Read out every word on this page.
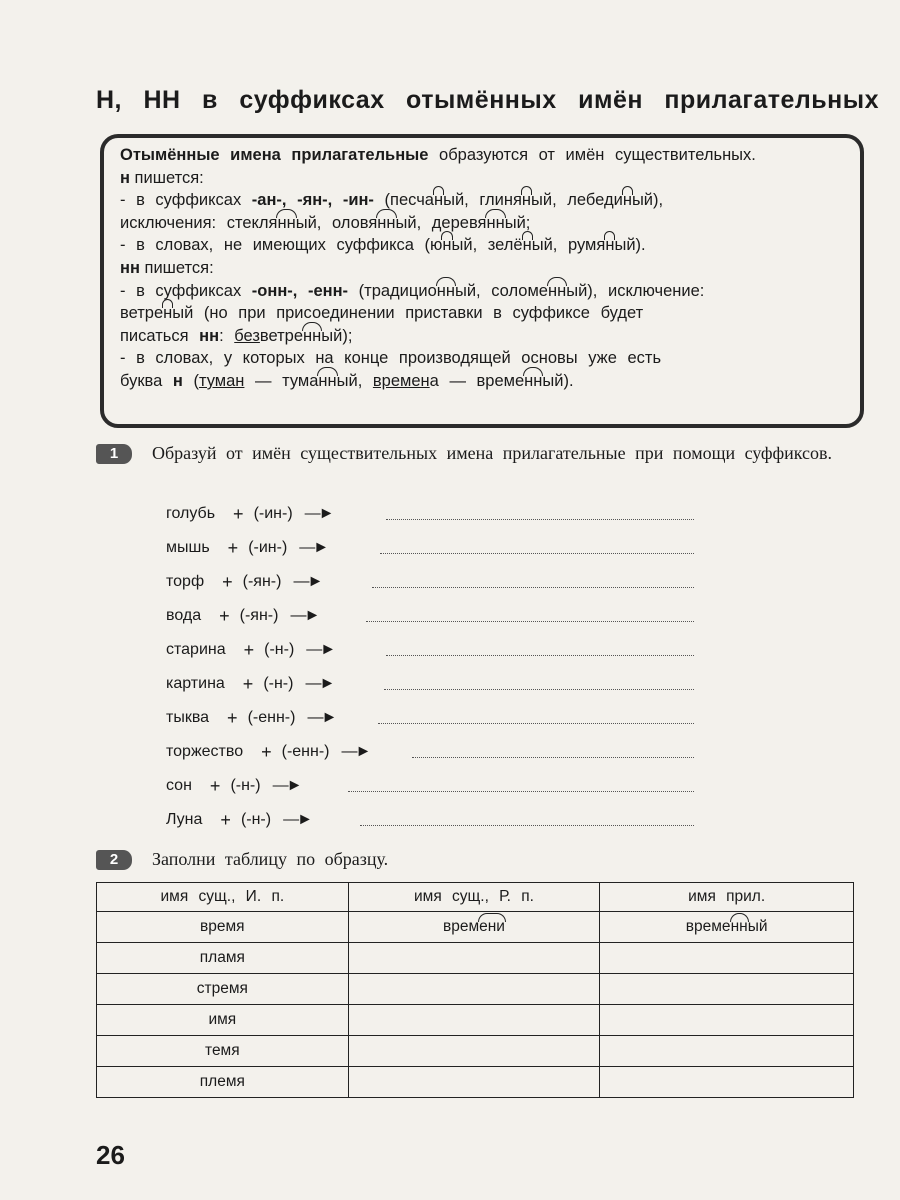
Н, НН в суффиксах отымённых имён прилагательных

Отымённые имена прилагательные образуются от имён существительных.

н пишется:

- в суффиксах -ан-, -ян-, -ин- (песчаный, глиняный, лебединый),

исключения: стеклянный, оловянный, деревянный;

- в словах, не имеющих суффикса (юный, зелёный, румяный).

нн пишется:

- в суффиксах -онн-, -енн- (традиционный, соломенный), исключение:

ветреный (но при присоединении приставки в суффиксе будет

писаться нн: безветренный);

- в словах, у которых на конце производящей основы уже есть

буква н (туман — туманный, времена — временный).

1	Образуй от имён существительных имена прилагательные при помощи суффиксов.
голубь + (-ин-) —►
мышь + (-ин-) —►
торф + (-ян-) —►
вода + (-ян-) —►
старина + (-н-) —►
картина + (-н-) —►
тыква + (-енн-) —►
торжество + (-енн-) —►
сон + (-н-) —►
Луна + (-н-) —►
2	Заполни таблицу по образцу.
имя сущ., И. п.	имя сущ., Р. п.	имя прил.
время	времени	временный
пламя		
стремя		
имя		
темя		
племя		
26
